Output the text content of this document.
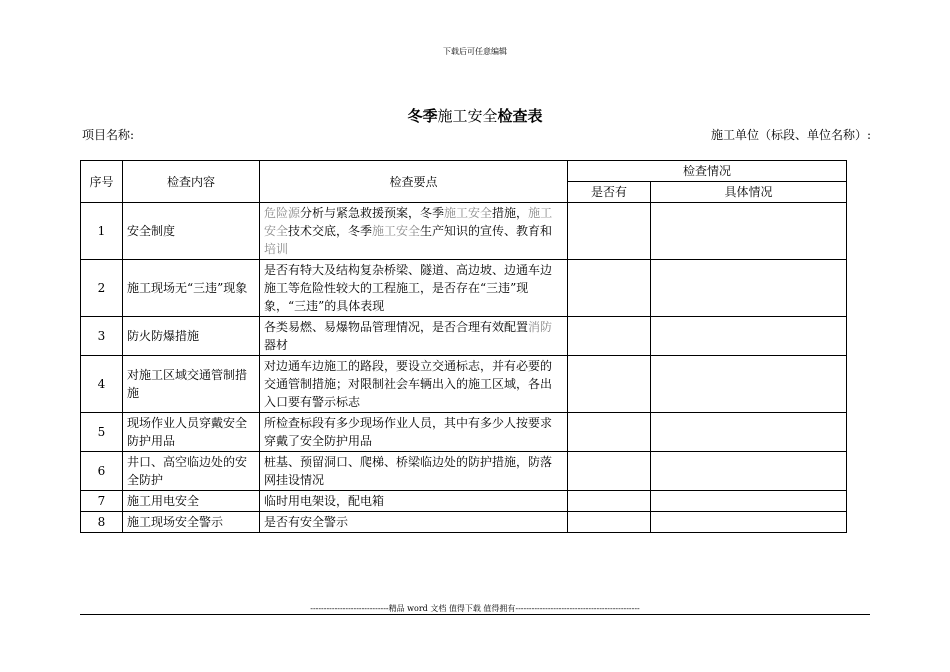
下载后可任意编辑
冬季施工安全检查表
项目名称:	施工单位（标段、单位名称）:
序号	检查内容	检查要点	检查情况	
			是否有	具体情况
1	安全制度	危险源分析与紧急救援预案，冬季施工安全措施，施工安全技术交底，冬季施工安全生产知识的宣传、教育和培训		
2	施工现场无“三违”现象	是否有特大及结构复杂桥梁、隧道、高边坡、边通车边施工等危险性较大的工程施工，是否存在“三违”现象，“三违”的具体表现		
3	防火防爆措施	各类易燃、易爆物品管理情况，是否合理有效配置消防器材		
4	对施工区域交通管制措施	对边通车边施工的路段，要设立交通标志，并有必要的交通管制措施；对限制社会车辆出入的施工区域，各出入口要有警示标志		
5	现场作业人员穿戴安全防护用品	所检查标段有多少现场作业人员，其中有多少人按要求穿戴了安全防护用品		
6	井口、高空临边处的安全防护	桩基、预留洞口、爬梯、桥梁临边处的防护措施，防落网挂设情况		
7	施工用电安全	临时用电架设，配电箱		
8	施工现场安全警示	是否有安全警示		
-----------------------------精品 word 文档 值得下载 值得拥有----------------------------------------------
